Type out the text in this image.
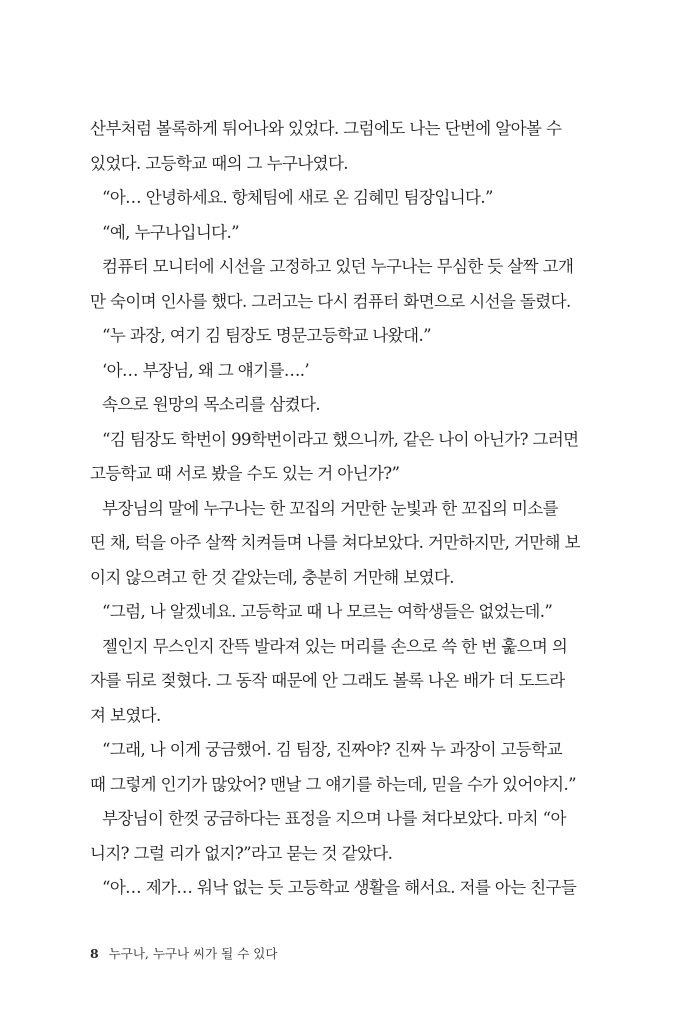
산부처럼 볼록하게 튀어나와 있었다. 그럼에도 나는 단번에 알아볼 수
있었다. 고등학교 때의 그 누구나였다.
“아… 안녕하세요. 항체팀에 새로 온 김혜민 팀장입니다.”
“예, 누구나입니다.”
컴퓨터 모니터에 시선을 고정하고 있던 누구나는 무심한 듯 살짝 고개
만 숙이며 인사를 했다. 그러고는 다시 컴퓨터 화면으로 시선을 돌렸다.
“누 과장, 여기 김 팀장도 명문고등학교 나왔대.”
‘아… 부장님, 왜 그 얘기를….’
속으로 원망의 목소리를 삼켰다.
“김 팀장도 학번이 99학번이라고 했으니까, 같은 나이 아닌가? 그러면
고등학교 때 서로 봤을 수도 있는 거 아닌가?”
부장님의 말에 누구나는 한 꼬집의 거만한 눈빛과 한 꼬집의 미소를
띤 채, 턱을 아주 살짝 치켜들며 나를 쳐다보았다. 거만하지만, 거만해 보
이지 않으려고 한 것 같았는데, 충분히 거만해 보였다.
“그럼, 나 알겠네요. 고등학교 때 나 모르는 여학생들은 없었는데.”
젤인지 무스인지 잔뜩 발라져 있는 머리를 손으로 쓱 한 번 훑으며 의
자를 뒤로 젖혔다. 그 동작 때문에 안 그래도 볼록 나온 배가 더 도드라
져 보였다.
“그래, 나 이게 궁금했어. 김 팀장, 진짜야? 진짜 누 과장이 고등학교
때 그렇게 인기가 많았어? 맨날 그 얘기를 하는데, 믿을 수가 있어야지.”
부장님이 한껏 궁금하다는 표정을 지으며 나를 쳐다보았다. 마치 “아
니지? 그럴 리가 없지?”라고 묻는 것 같았다.
“아… 제가… 워낙 없는 듯 고등학교 생활을 해서요. 저를 아는 친구들
8 누구나, 누구나 씨가 될 수 있다
